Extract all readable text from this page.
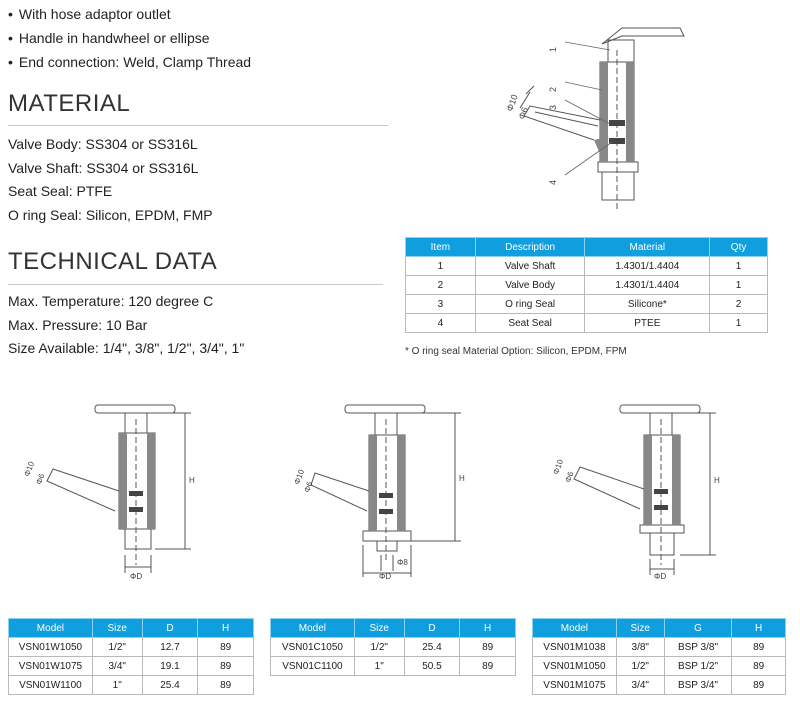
• With hose adaptor outlet
• Handle in handwheel or ellipse
• End connection: Weld, Clamp Thread
MATERIAL
Valve Body: SS304 or SS316L
Valve Shaft: SS304 or SS316L
Seat Seal: PTFE
O ring Seal: Silicon, EPDM, FMP
TECHNICAL DATA
Max. Temperature: 120 degree C
Max. Pressure: 10 Bar
Size Available: 1/4", 3/8", 1/2", 3/4", 1"
1
2
3
4
Φ10
Φ6
Item	Description	Material	Qty
1	Valve Shaft	1.4301/1.4404	1
2	Valve Body	1.4301/1.4404	1
3	O ring Seal	Silicone*	2
4	Seat Seal	PTEE	1
* O ring seal Material Option: Silicon, EPDM, FPM
H
ΦD
Φ10
Φ6	H
Φ8
ΦD
Φ10
Φ6	H
ΦD
Φ10
Φ6
Model	Size	D	H
VSN01W1050	1/2"	12.7	89
VSN01W1075	3/4"	19.1	89
VSN01W1100	1"	25.4	89
Model	Size	D	H
VSN01C1050	1/2"	25.4	89
VSN01C1100	1"	50.5	89
Model	Size	G	H
VSN01M1038	3/8"	BSP 3/8"	89
VSN01M1050	1/2"	BSP 1/2"	89
VSN01M1075	3/4"	BSP 3/4"	89
